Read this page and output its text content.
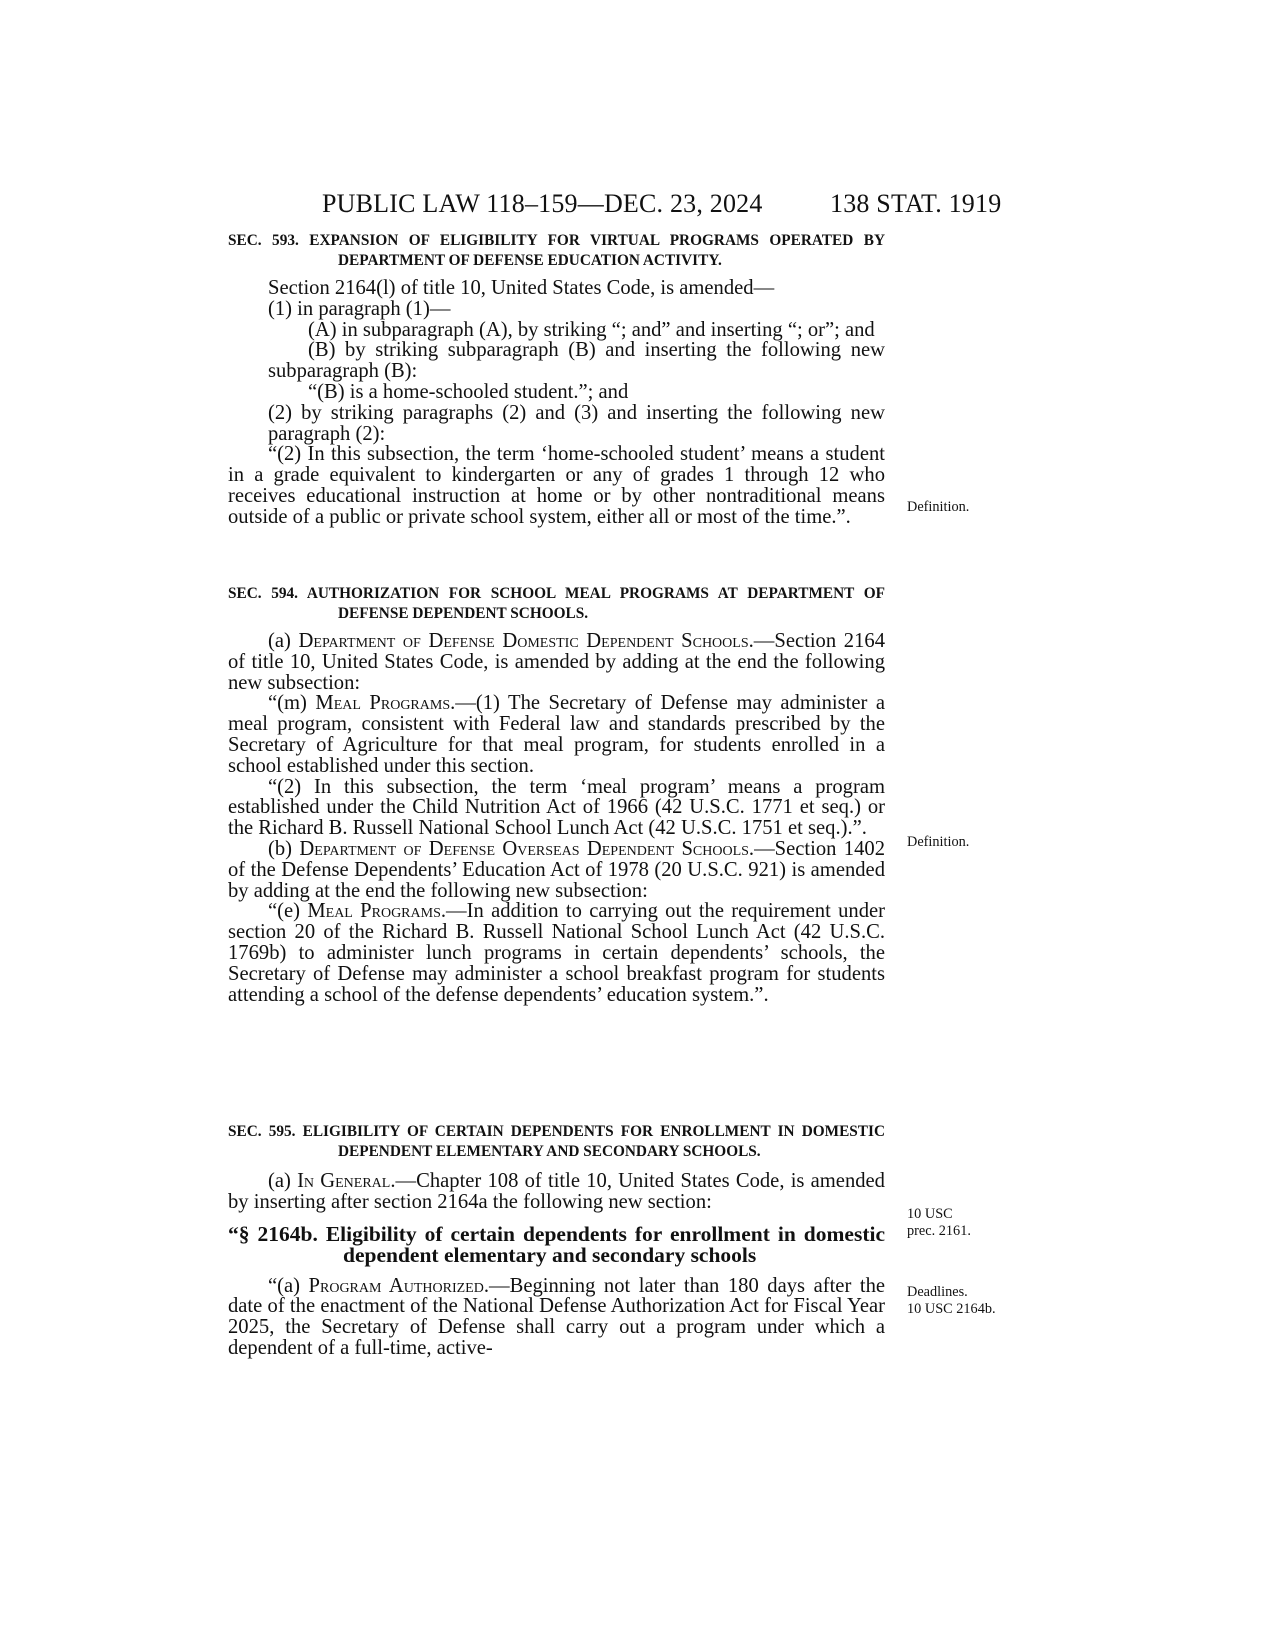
PUBLIC LAW 118–159—DEC. 23, 2024	138 STAT. 1919
SEC. 593. EXPANSION OF ELIGIBILITY FOR VIRTUAL PROGRAMS OPERATED BY DEPARTMENT OF DEFENSE EDUCATION ACTIVITY.

Section 2164(l) of title 10, United States Code, is amended—

(1) in paragraph (1)—

(A) in subparagraph (A), by striking “; and” and inserting “; or”; and

(B) by striking subparagraph (B) and inserting the following new subparagraph (B):

“(B) is a home-schooled student.”; and

(2) by striking paragraphs (2) and (3) and inserting the following new paragraph (2):

“(2) In this subsection, the term ‘home-schooled student’ means a student in a grade equivalent to kindergarten or any of grades 1 through 12 who receives educational instruction at home or by other nontraditional means outside of a public or private school system, either all or most of the time.”.

SEC. 594. AUTHORIZATION FOR SCHOOL MEAL PROGRAMS AT DEPARTMENT OF DEFENSE DEPENDENT SCHOOLS.

(a) Department of Defense Domestic Dependent Schools.—Section 2164 of title 10, United States Code, is amended by adding at the end the following new subsection:

“(m) Meal Programs.—(1) The Secretary of Defense may administer a meal program, consistent with Federal law and standards prescribed by the Secretary of Agriculture for that meal program, for students enrolled in a school established under this section.

“(2) In this subsection, the term ‘meal program’ means a program established under the Child Nutrition Act of 1966 (42 U.S.C. 1771 et seq.) or the Richard B. Russell National School Lunch Act (42 U.S.C. 1751 et seq.).”.

(b) Department of Defense Overseas Dependent Schools.—Section 1402 of the Defense Dependents’ Education Act of 1978 (20 U.S.C. 921) is amended by adding at the end the following new subsection:

“(e) Meal Programs.—In addition to carrying out the requirement under section 20 of the Richard B. Russell National School Lunch Act (42 U.S.C. 1769b) to administer lunch programs in certain dependents’ schools, the Secretary of Defense may administer a school breakfast program for students attending a school of the defense dependents’ education system.”.

SEC. 595. ELIGIBILITY OF CERTAIN DEPENDENTS FOR ENROLLMENT IN DOMESTIC DEPENDENT ELEMENTARY AND SECONDARY SCHOOLS.

(a) In General.—Chapter 108 of title 10, United States Code, is amended by inserting after section 2164a the following new section:

“§ 2164b. Eligibility of certain dependents for enrollment in domestic dependent elementary and secondary schools

“(a) Program Authorized.—Beginning not later than 180 days after the date of the enactment of the National Defense Authorization Act for Fiscal Year 2025, the Secretary of Defense shall carry out a program under which a dependent of a full-time, active-

Definition.
Definition.
10 USC
prec. 2161.
Deadlines.
10 USC 2164b.
